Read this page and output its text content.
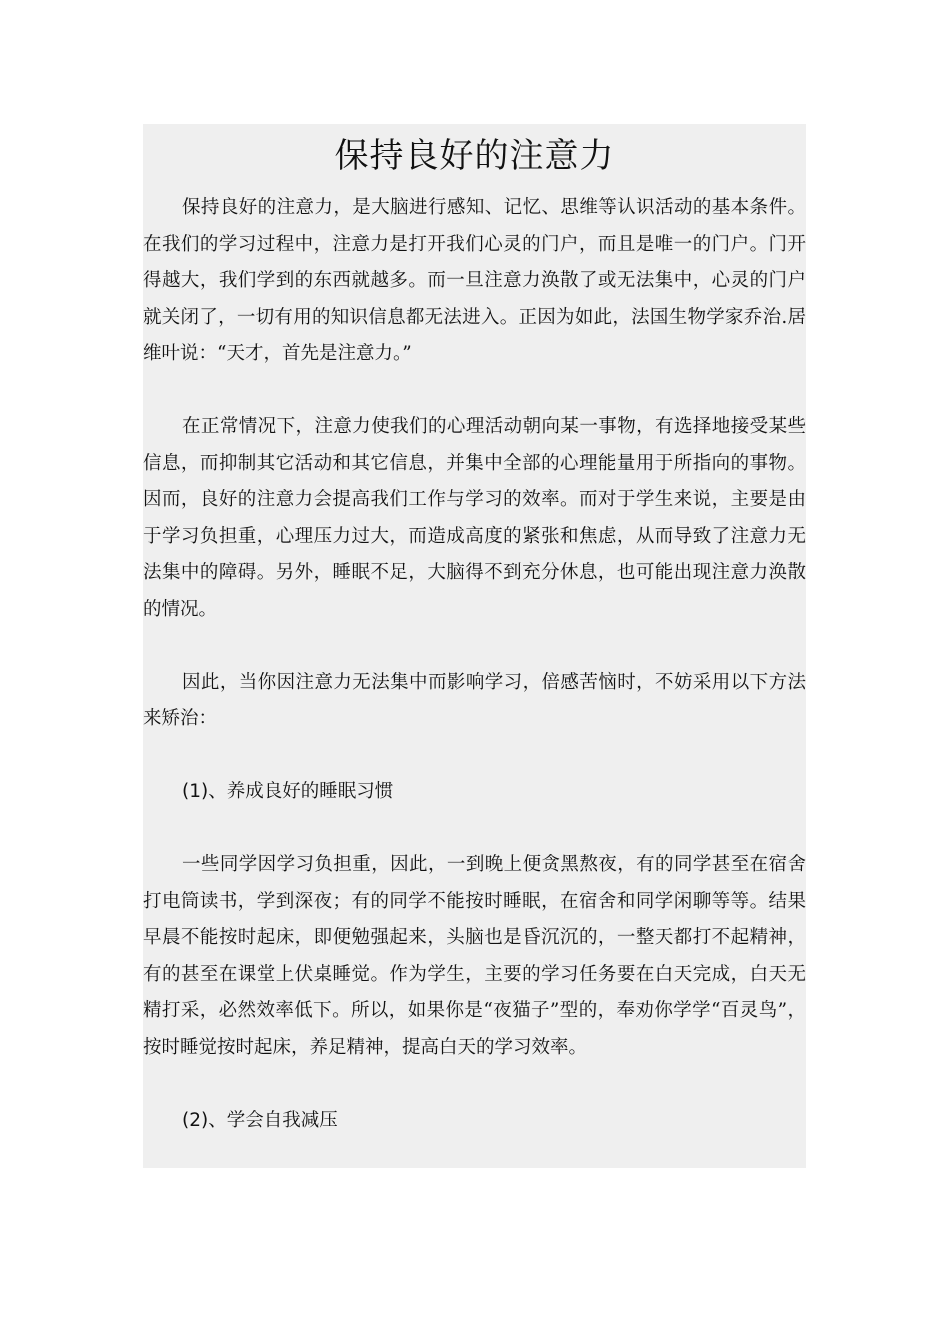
保持良好的注意力

保持良好的注意力，是大脑进行感知、记忆、思维等认识活动的基本条件。在我们的学习过程中，注意力是打开我们心灵的门户，而且是唯一的门户。门开得越大，我们学到的东西就越多。而一旦注意力涣散了或无法集中，心灵的门户就关闭了，一切有用的知识信息都无法进入。正因为如此，法国生物学家乔治.居维叶说：“天才，首先是注意力。”

在正常情况下，注意力使我们的心理活动朝向某一事物，有选择地接受某些信息，而抑制其它活动和其它信息，并集中全部的心理能量用于所指向的事物。因而，良好的注意力会提高我们工作与学习的效率。而对于学生来说，主要是由于学习负担重，心理压力过大，而造成高度的紧张和焦虑，从而导致了注意力无法集中的障碍。另外，睡眠不足，大脑得不到充分休息，也可能出现注意力涣散的情况。

因此，当你因注意力无法集中而影响学习，倍感苦恼时，不妨采用以下方法来矫治：

(1)、养成良好的睡眠习惯

一些同学因学习负担重，因此，一到晚上便贪黑熬夜，有的同学甚至在宿舍打电筒读书，学到深夜；有的同学不能按时睡眠，在宿舍和同学闲聊等等。结果早晨不能按时起床，即便勉强起来，头脑也是昏沉沉的，一整天都打不起精神，有的甚至在课堂上伏桌睡觉。作为学生，主要的学习任务要在白天完成，白天无精打采，必然效率低下。所以，如果你是“夜猫子”型的，奉劝你学学“百灵鸟”，按时睡觉按时起床，养足精神，提高白天的学习效率。

(2)、学会自我减压
